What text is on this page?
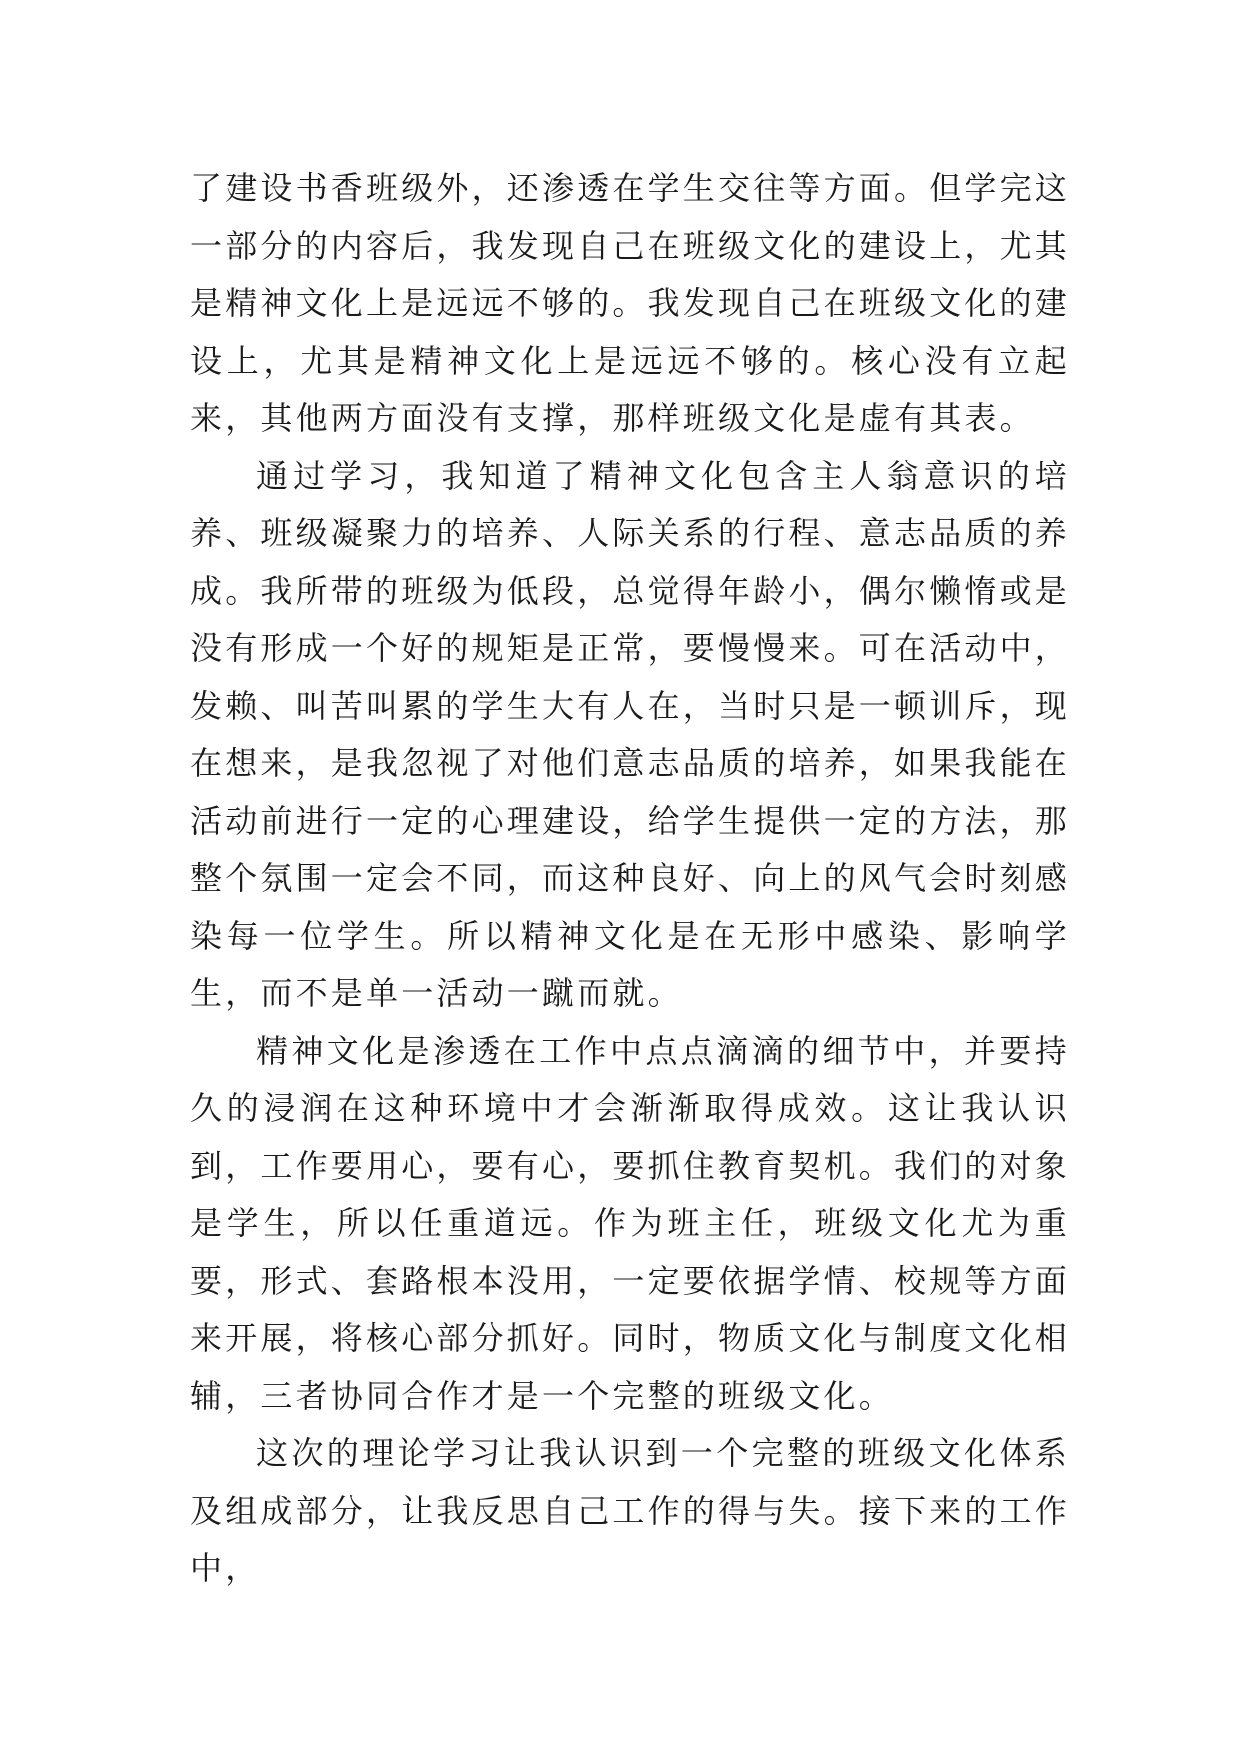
了建设书香班级外，还渗透在学生交往等方面。但学完这一部分的内容后，我发现自己在班级文化的建设上，尤其是精神文化上是远远不够的。我发现自己在班级文化的建设上，尤其是精神文化上是远远不够的。核心没有立起来，其他两方面没有支撑，那样班级文化是虚有其表。

通过学习，我知道了精神文化包含主人翁意识的培养、班级凝聚力的培养、人际关系的行程、意志品质的养成。我所带的班级为低段，总觉得年龄小，偶尔懒惰或是没有形成一个好的规矩是正常，要慢慢来。可在活动中，发赖、叫苦叫累的学生大有人在，当时只是一顿训斥，现在想来，是我忽视了对他们意志品质的培养，如果我能在活动前进行一定的心理建设，给学生提供一定的方法，那整个氛围一定会不同，而这种良好、向上的风气会时刻感染每一位学生。所以精神文化是在无形中感染、影响学生，而不是单一活动一蹴而就。

精神文化是渗透在工作中点点滴滴的细节中，并要持久的浸润在这种环境中才会渐渐取得成效。这让我认识到，工作要用心，要有心，要抓住教育契机。我们的对象是学生，所以任重道远。作为班主任，班级文化尤为重要，形式、套路根本没用，一定要依据学情、校规等方面来开展，将核心部分抓好。同时，物质文化与制度文化相辅，三者协同合作才是一个完整的班级文化。

这次的理论学习让我认识到一个完整的班级文化体系及组成部分，让我反思自己工作的得与失。接下来的工作中，
